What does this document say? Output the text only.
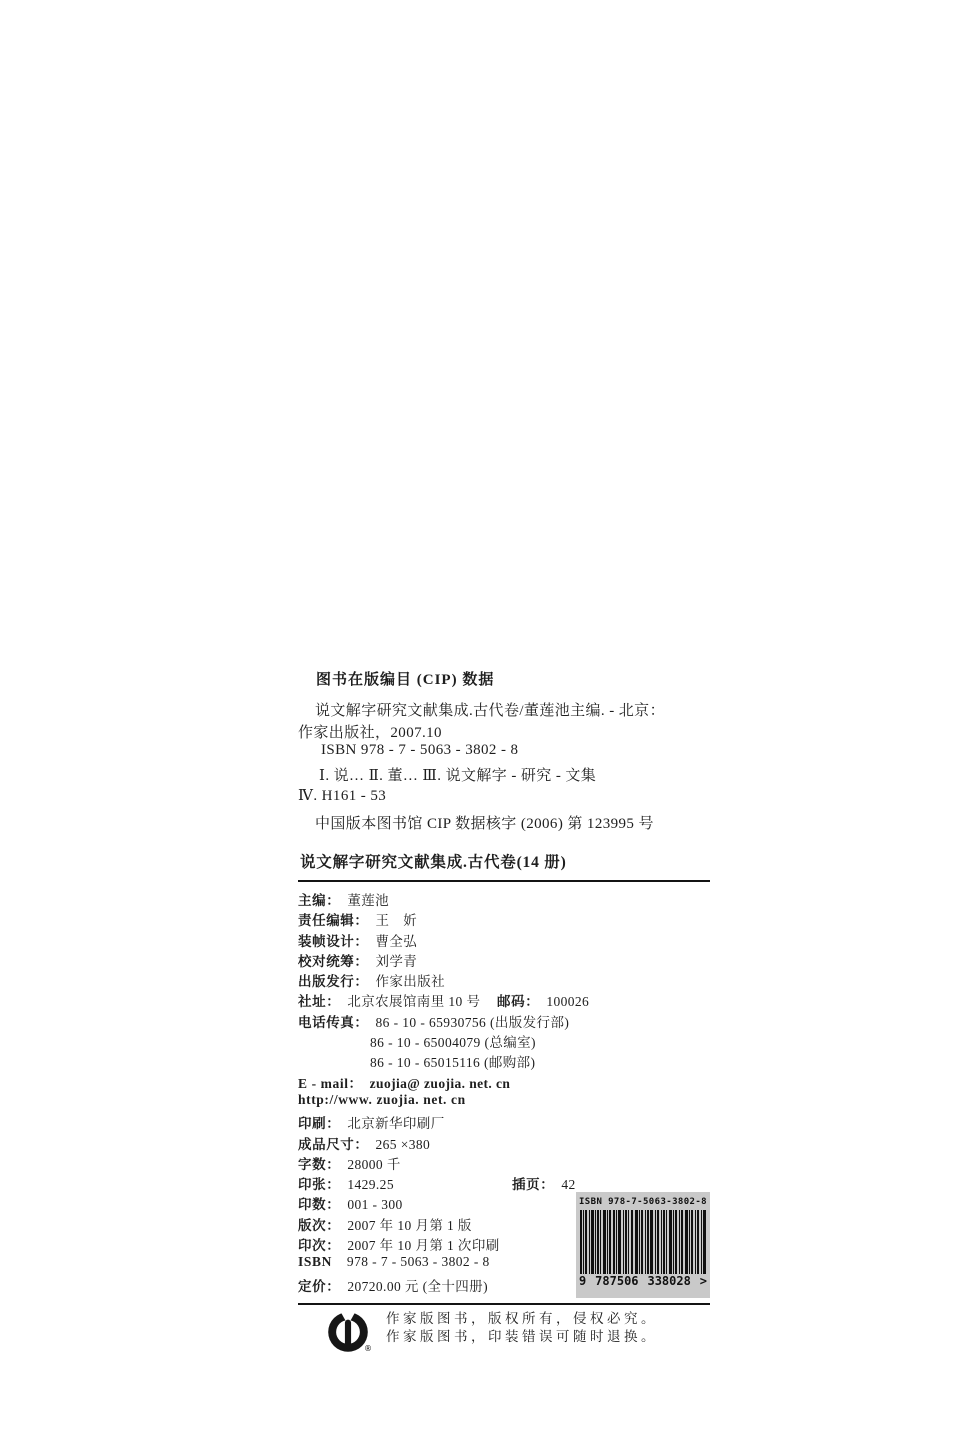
图书在版编目 (CIP) 数据
说文解字研究文献集成.古代卷/董莲池主编. - 北京：
作家出版社，2007.10
ISBN 978 - 7 - 5063 - 3802 - 8
Ⅰ. 说… Ⅱ. 董… Ⅲ. 说文解字 - 研究 - 文集
Ⅳ. H161 - 53
中国版本图书馆 CIP 数据核字 (2006) 第 123995 号
说文解字研究文献集成.古代卷(14 册)
主编： 董莲池
责任编辑： 王　妡
装帧设计： 曹全弘
校对统筹： 刘学青
出版发行： 作家出版社
社址： 北京农展馆南里 10 号 邮码： 100026
电话传真： 86 - 10 - 65930756 (出版发行部)
86 - 10 - 65004079 (总编室)
86 - 10 - 65015116 (邮购部)
E - mail： zuojia@ zuojia. net. cn
http://www. zuojia. net. cn
印刷： 北京新华印刷厂
成品尺寸： 265 ×380
字数： 28000 千
印张： 1429.25	插页： 42
印数： 001 - 300
版次： 2007 年 10 月第 1 版
印次： 2007 年 10 月第 1 次印刷
ISBN 978 - 7 - 5063 - 3802 - 8
定价： 20720.00 元 (全十四册)
ISBN 978-7-5063-3802-8
9 787506 338028 >
®
作家版图书，版权所有，侵权必究。
作家版图书，印装错误可随时退换。
